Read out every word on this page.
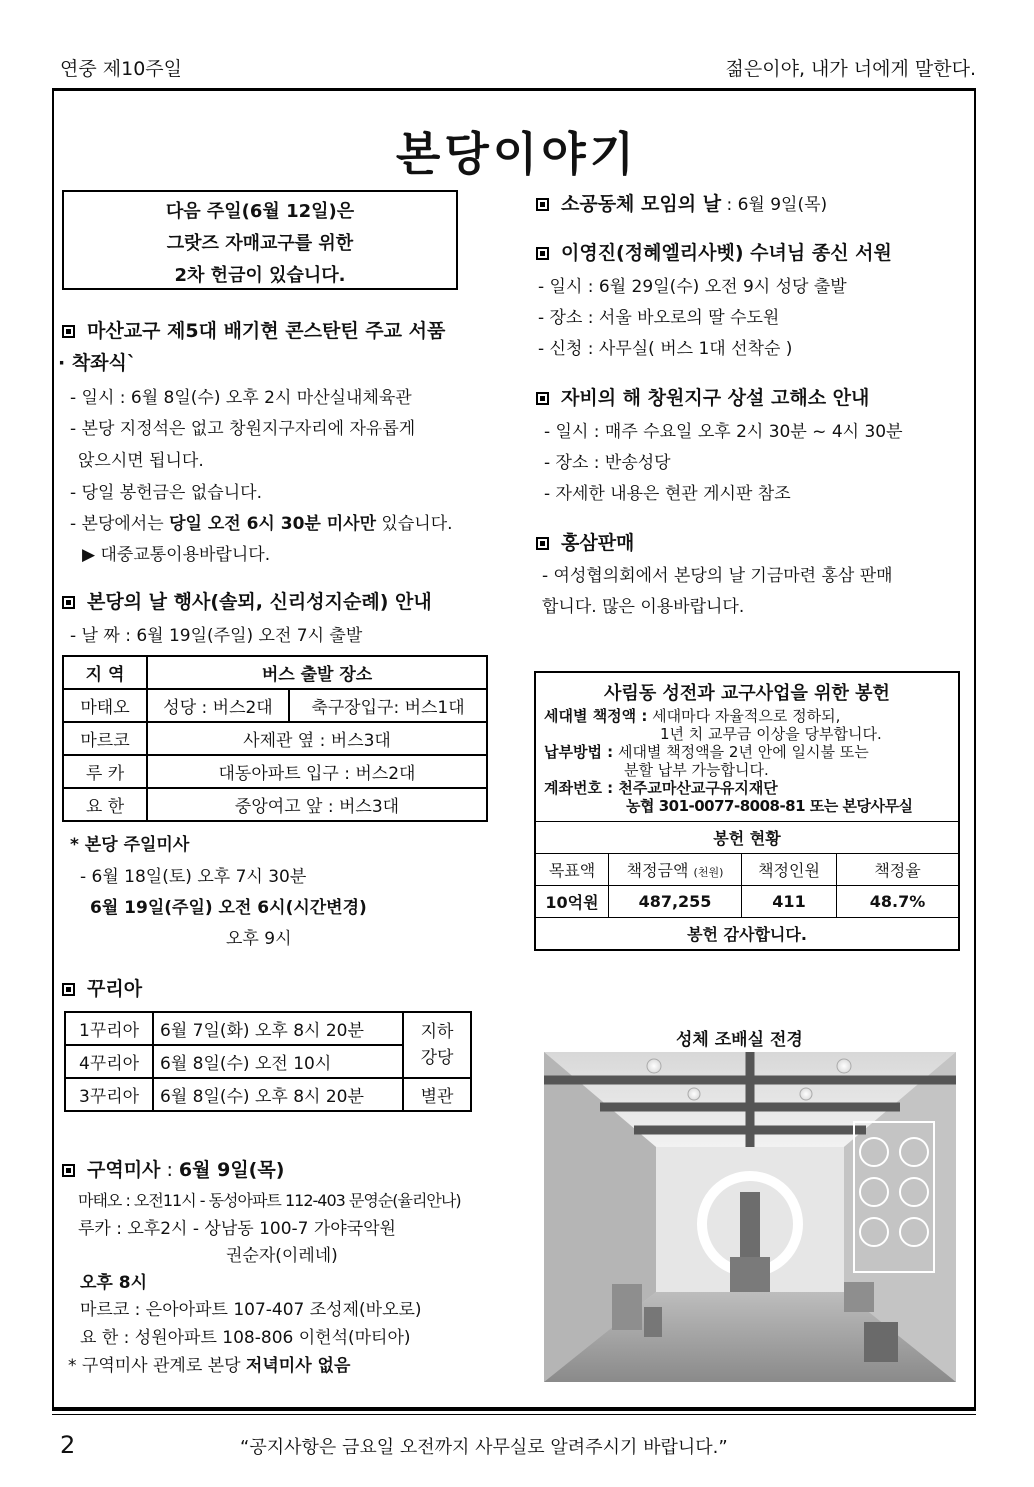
연중 제10주일	젊은이야, 내가 너에게 말한다.
본당이야기
다음 주일(6월 12일)은
그랏즈 자매교구를 위한
2차 헌금이 있습니다.
마산교구 제5대 배기현 콘스탄틴 주교 서품
· 착좌식`
- 일시 : 6월 8일(수) 오후 2시 마산실내체육관
- 본당 지정석은 없고 창원지구자리에 자유롭게
앉으시면 됩니다.
- 당일 봉헌금은 없습니다.
- 본당에서는 당일 오전 6시 30분 미사만 있습니다.
▶ 대중교통이용바랍니다.
본당의 날 행사(솔뫼, 신리성지순례) 안내
- 날 짜 : 6월 19일(주일) 오전 7시 출발
지 역	버스 출발 장소	
마태오	성당 : 버스2대	축구장입구: 버스1대
마르코	사제관 옆 : 버스3대	
루 카	대동아파트 입구 : 버스2대	
요 한	중앙여고 앞 : 버스3대	
* 본당 주일미사
- 6월 18일(토) 오후 7시 30분
6월 19일(주일) 오전 6시(시간변경)
오후 9시
꾸리아
1꾸리아	6월 7일(화) 오후 8시 20분	지하
강당
4꾸리아	6월 8일(수) 오전 10시	
3꾸리아	6월 8일(수) 오후 8시 20분	별관
구역미사 : 6월 9일(목)
마태오 : 오전11시 - 동성아파트 112-403 문영순(율리안나)
루카 : 오후2시 - 상남동 100-7 가야국악원
권순자(이레네)
오후 8시
마르코 : 은아아파트 107-407 조성제(바오로)
요 한 : 성원아파트 108-806 이헌석(마티아)
* 구역미사 관계로 본당 저녁미사 없음
소공동체 모임의 날 : 6월 9일(목)
이영진(정혜엘리사벳) 수녀님 종신 서원
- 일시 : 6월 29일(수) 오전 9시 성당 출발
- 장소 : 서울 바오로의 딸 수도원
- 신청 : 사무실( 버스 1대 선착순 )
자비의 해 창원지구 상설 고해소 안내
- 일시 : 매주 수요일 오후 2시 30분 ~ 4시 30분
- 장소 : 반송성당
- 자세한 내용은 현관 게시판 참조
홍삼판매
- 여성협의회에서 본당의 날 기금마련 홍삼 판매
합니다. 많은 이용바랍니다.
사림동 성전과 교구사업을 위한 봉헌
세대별 책정액 : 세대마다 자율적으로 정하되,
1년 치 교무금 이상을 당부합니다.
납부방법 : 세대별 책정액을 2년 안에 일시불 또는
분할 납부 가능합니다.
계좌번호 : 천주교마산교구유지재단
농협 301-0077-8008-81 또는 본당사무실
봉헌 현황			
목표액	책정금액 (천원)	책정인원	책정율
10억원	487,255	411	48.7%
봉헌 감사합니다.			
성체 조배실 전경
2	“공지사항은 금요일 오전까지 사무실로 알려주시기 바랍니다.”
